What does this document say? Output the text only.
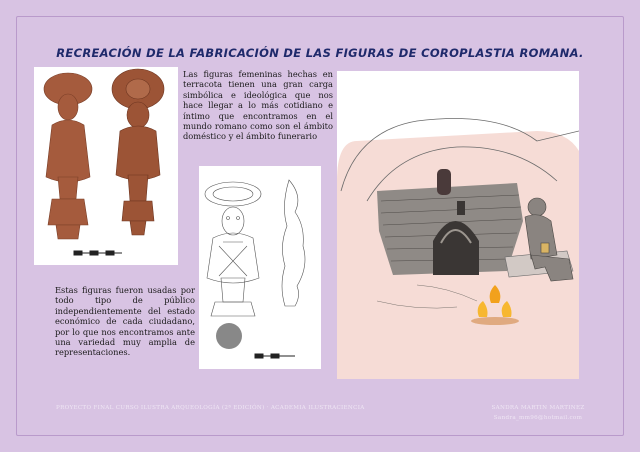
RECREACIÓN DE LA FABRICACIÓN DE LAS FIGURAS DE COROPLASTIA ROMANA.

Las figuras femeninas hechas en terracota tienen una gran carga simbólica e ideológica que nos hace llegar a lo más cotidiano e íntimo que encontramos en el mundo romano como son el ámbito doméstico y el ámbito funerario

Estas figuras fueron usadas por todo tipo de público independientemente del estado económico de cada ciudadano, por lo que nos encontramos ante una variedad muy amplia de representaciones.

PROYECTO FINAL CURSO ILUSTRA ARQUEOLOGÍA (2ª EDICIÓN) · ACADEMIA ILUSTRACIENCIA	SANDRA MARTIN MARTINEZ
Sandra_mm96@hotmail.com
